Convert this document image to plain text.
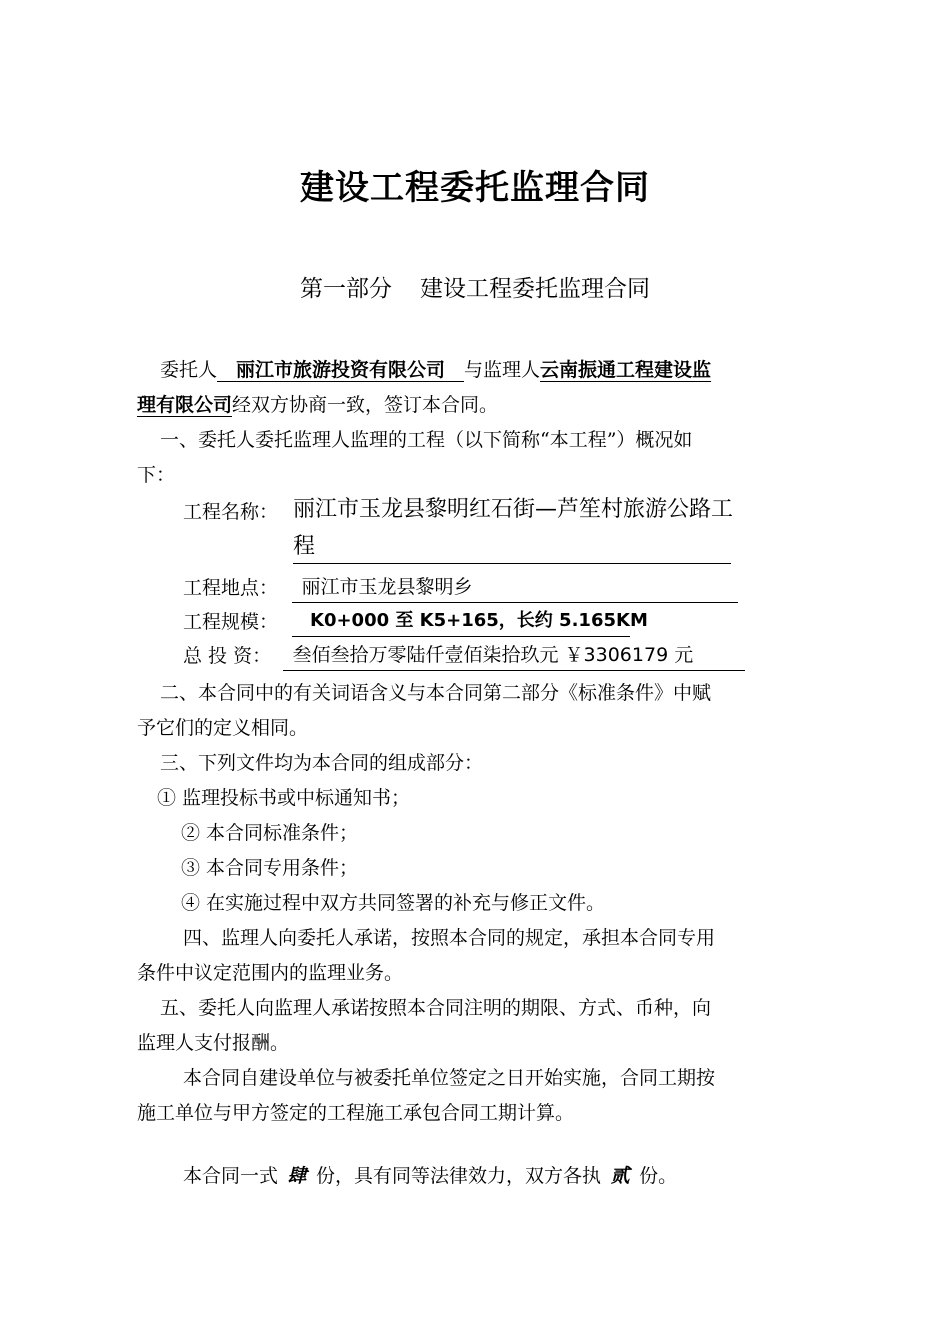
建设工程委托监理合同
第一部分 建设工程委托监理合同
委托人   丽江市旅游投资有限公司   与监理人云南振通工程建设监
理有限公司经双方协商一致，签订本合同。
一、委托人委托监理人监理的工程（以下简称“本工程”）概况如
下：
工程名称： 丽江市玉龙县黎明红石街—芦笙村旅游公路工
程
工程地点：
 	丽江市玉龙县黎明乡
工程规模：
  	K0+000 至 K5+165，长约 5.165KM
总 投 资：
 	叁佰叁拾万零陆仟壹佰柒拾玖元 ￥3306179 元
二、本合同中的有关词语含义与本合同第二部分《标准条件》中赋
予它们的定义相同。
三、下列文件均为本合同的组成部分：
① 监理投标书或中标通知书；
② 本合同标准条件；
③ 本合同专用条件；
④ 在实施过程中双方共同签署的补充与修正文件。
四、监理人向委托人承诺，按照本合同的规定，承担本合同专用
条件中议定范围内的监理业务。
五、委托人向监理人承诺按照本合同注明的期限、方式、币种，向
监理人支付报酬。
本合同自建设单位与被委托单位签定之日开始实施，合同工期按
施工单位与甲方签定的工程施工承包合同工期计算。
本合同一式  肆  份，具有同等法律效力，双方各执  贰  份。
